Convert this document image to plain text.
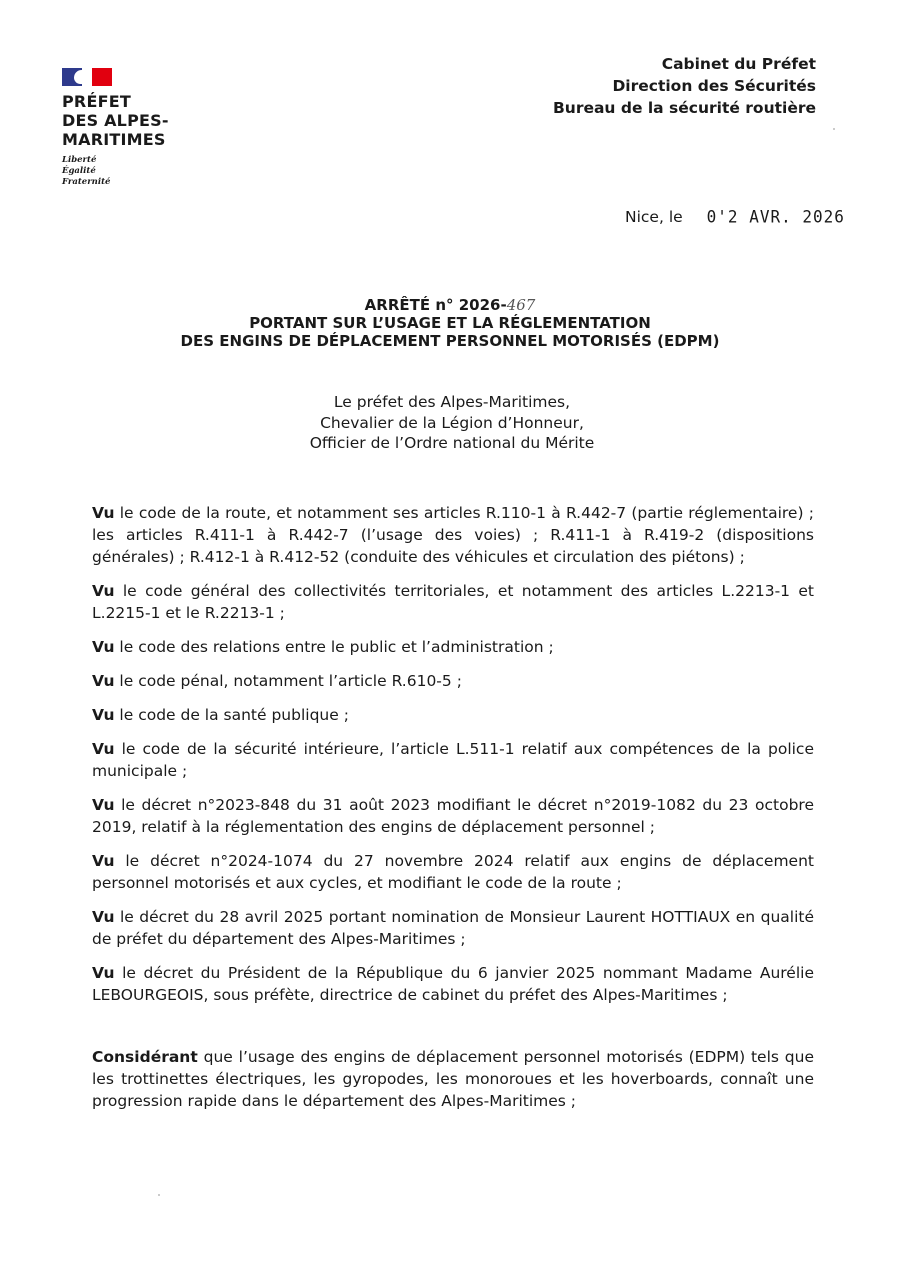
PRÉFET
DES ALPES-
MARITIMES
Liberté
Égalité
Fraternité
Cabinet du Préfet
Direction des Sécurités
Bureau de la sécurité routière
Nice, le 0'2 AVR. 2026
ARRÊTÉ n° 2026-467
PORTANT SUR L’USAGE ET LA RÉGLEMENTATION
DES ENGINS DE DÉPLACEMENT PERSONNEL MOTORISÉS (EDPM)
Le préfet des Alpes-Maritimes,
Chevalier de la Légion d’Honneur,
Officier de l’Ordre national du Mérite

Vu le code de la route, et notamment ses articles R.110-1 à R.442-7 (partie réglementaire) ; les articles R.411-1 à R.442-7 (l’usage des voies) ; R.411-1 à R.419-2 (dispositions générales) ; R.412-1 à R.412-52 (conduite des véhicules et circulation des piétons) ;

Vu le code général des collectivités territoriales, et notamment des articles L.2213-1 et L.2215-1 et le R.2213-1 ;

Vu le code des relations entre le public et l’administration ;

Vu le code pénal, notamment l’article R.610-5 ;

Vu le code de la santé publique ;

Vu le code de la sécurité intérieure, l’article L.511-1 relatif aux compétences de la police municipale ;

Vu le décret n°2023-848 du 31 août 2023 modifiant le décret n°2019-1082 du 23 octobre 2019, relatif à la réglementation des engins de déplacement personnel ;

Vu le décret n°2024-1074 du 27 novembre 2024 relatif aux engins de déplacement personnel motorisés et aux cycles, et modifiant le code de la route ;

Vu le décret du 28 avril 2025 portant nomination de Monsieur Laurent HOTTIAUX en qualité de préfet du département des Alpes-Maritimes ;

Vu le décret du Président de la République du 6 janvier 2025 nommant Madame Aurélie LEBOURGEOIS, sous préfète, directrice de cabinet du préfet des Alpes-Maritimes ;

Considérant que l’usage des engins de déplacement personnel motorisés (EDPM) tels que les trottinettes électriques, les gyropodes, les monoroues et les hoverboards, connaît une progression rapide dans le département des Alpes-Maritimes ;
